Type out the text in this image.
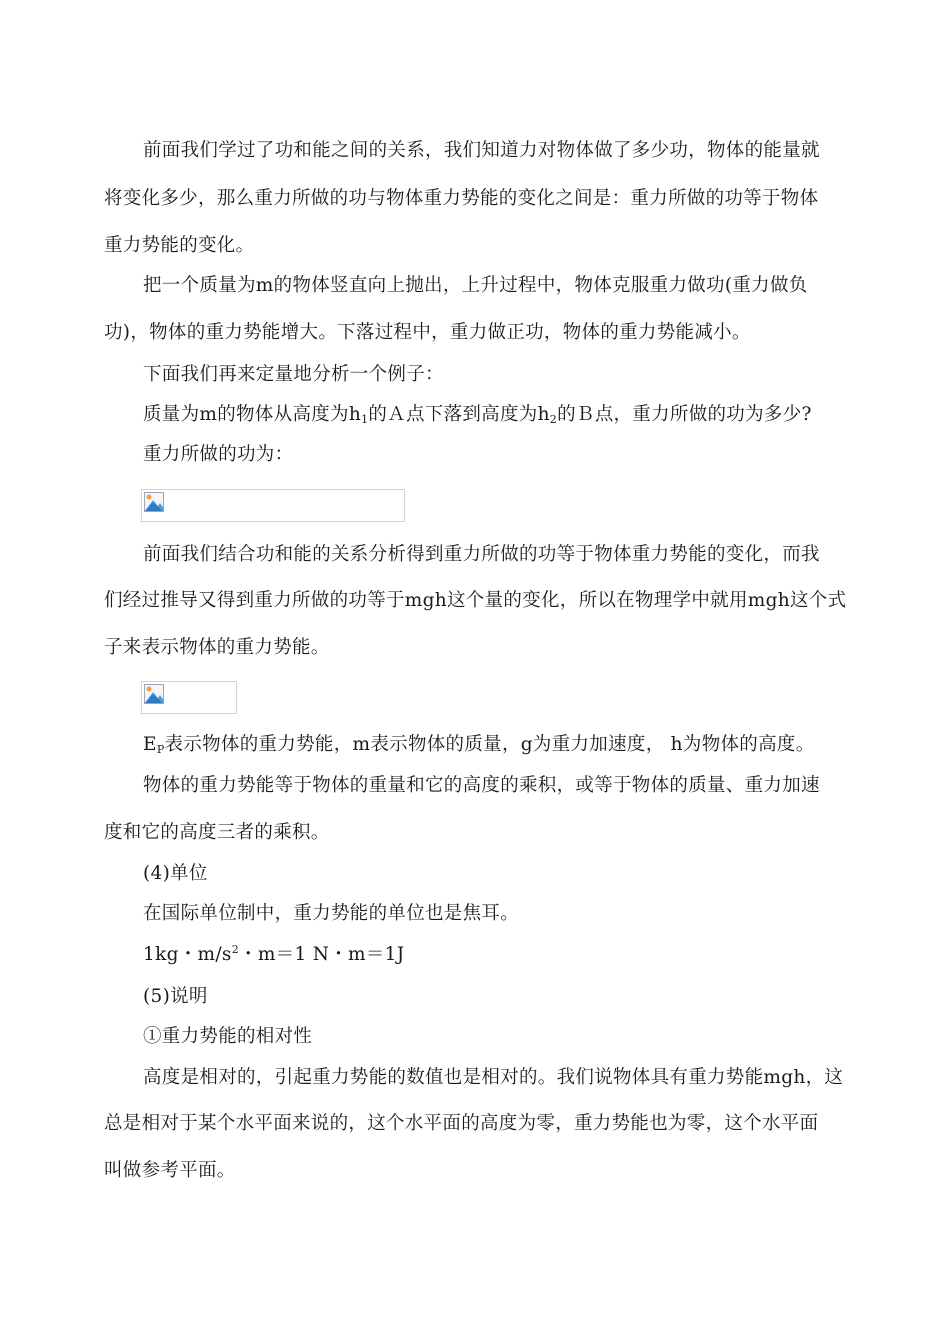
前面我们学过了功和能之间的关系，我们知道力对物体做了多少功，物体的能量就
将变化多少，那么重力所做的功与物体重力势能的变化之间是：重力所做的功等于物体
重力势能的变化。
把一个质量为m的物体竖直向上抛出，上升过程中，物体克服重力做功(重力做负
功)，物体的重力势能增大。下落过程中，重力做正功，物体的重力势能减小。
下面我们再来定量地分析一个例子：
质量为m的物体从高度为$h_1$的Ａ点下落到高度为$h_2$的Ｂ点，重力所做的功为多少?
重力所做的功为：
前面我们结合功和能的关系分析得到重力所做的功等于物体重力势能的变化，而我
们经过推导又得到重力所做的功等于mgh这个量的变化，所以在物理学中就用mgh这个式
子来表示物体的重力势能。
$E_P$表示物体的重力势能，m表示物体的质量，g为重力加速度， h为物体的高度。
物体的重力势能等于物体的重量和它的高度的乘积，或等于物体的质量、重力加速
度和它的高度三者的乘积。
(4)单位
在国际单位制中，重力势能的单位也是焦耳。
1kg・$m/s^2$・m＝1 N・m＝1J
(5)说明
①重力势能的相对性
高度是相对的，引起重力势能的数值也是相对的。我们说物体具有重力势能mgh，这
总是相对于某个水平面来说的，这个水平面的高度为零，重力势能也为零，这个水平面
叫做参考平面。
